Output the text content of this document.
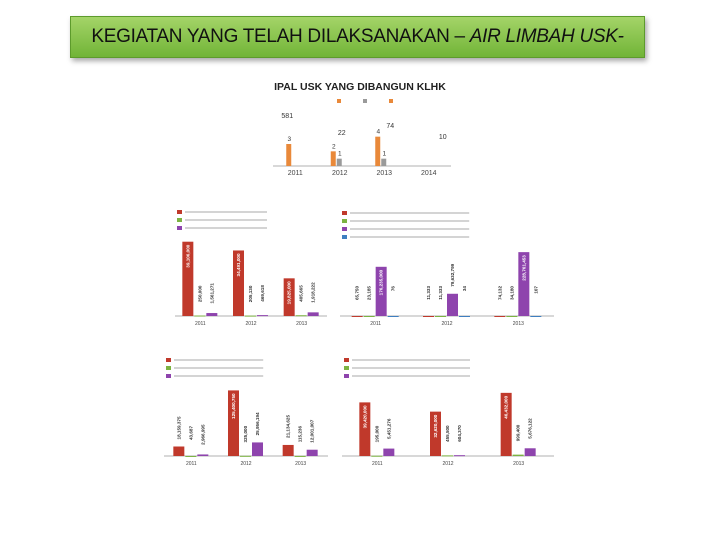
KEGIATAN YANG TELAH DILAKSANAKAN – AIR LIMBAH USK-
IPAL USK YANG DIBANGUN KLHK
2011
581
3
2012
22
2
1
2013
74
4
1
2014
10
2011
39,106,000
250,000 1,561,271
2012
34,491,000
205,130 469,618
2013
19,825,000 405,665 1,918,222
2011
65,750 23,185 176,235,000 76
2012
11,333 11,333
79,632,799
34
2013
74,132 34,180
228,761,453
107
2011
18,159,375 43,687 2,966,995
2012
125,400,750
325,000 25,956,194
2013
21,134,625 115,236 12,001,007
2011
39,420,000
195,000 5,451,276
2012
32,620,000 455,500 604,370
2013
46,432,000
999,400 5,676,122
